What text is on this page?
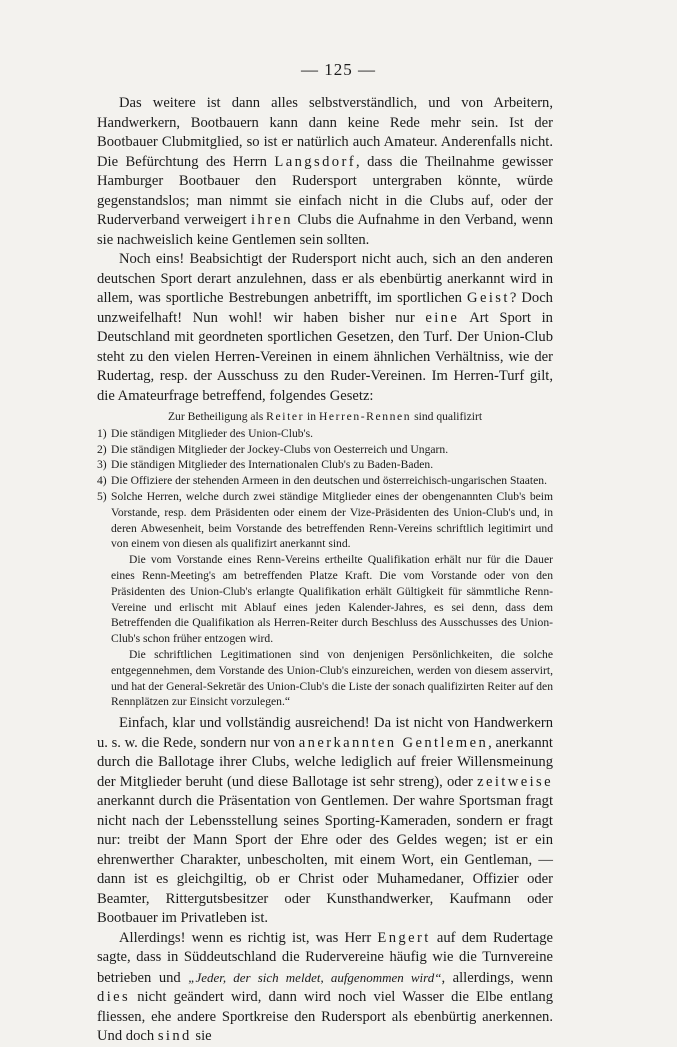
— 125 —

Das weitere ist dann alles selbstverständlich, und von Arbeitern, Handwerkern, Bootbauern kann dann keine Rede mehr sein. Ist der Bootbauer Clubmitglied, so ist er natürlich auch Amateur. Anderenfalls nicht. Die Befürchtung des Herrn Langsdorf, dass die Theilnahme gewisser Hamburger Bootbauer den Rudersport untergraben könnte, würde gegenstandslos; man nimmt sie einfach nicht in die Clubs auf, oder der Ruderverband verweigert ihren Clubs die Aufnahme in den Verband, wenn sie nachweislich keine Gentlemen sein sollten.

Noch eins! Beabsichtigt der Rudersport nicht auch, sich an den anderen deutschen Sport derart anzulehnen, dass er als ebenbürtig anerkannt wird in allem, was sportliche Bestrebungen anbetrifft, im sportlichen Geist? Doch unzweifelhaft! Nun wohl! wir haben bisher nur eine Art Sport in Deutschland mit geordneten sportlichen Gesetzen, den Turf. Der Union-Club steht zu den vielen Herren-Vereinen in einem ähnlichen Verhältniss, wie der Rudertag, resp. der Ausschuss zu den Ruder-Vereinen. Im Herren-Turf gilt, die Amateurfrage betreffend, folgendes Gesetz:

Zur Betheiligung als Reiter in Herren-Rennen sind qualifizirt
1) Die ständigen Mitglieder des Union-Club's.
2) Die ständigen Mitglieder der Jockey-Clubs von Oesterreich und Ungarn.
3) Die ständigen Mitglieder des Internationalen Club's zu Baden-Baden.
4) Die Offiziere der stehenden Armeen in den deutschen und österreichisch-ungarischen Staaten.
5) Solche Herren, welche durch zwei ständige Mitglieder eines der obengenannten Club's beim Vorstande, resp. dem Präsidenten oder einem der Vize-Präsidenten des Union-Club's und, in deren Abwesenheit, beim Vorstande des betreffenden Renn-Vereins schriftlich legitimirt und von einem von diesen als qualifizirt anerkannt sind.

Die vom Vorstande eines Renn-Vereins ertheilte Qualifikation erhält nur für die Dauer eines Renn-Meeting's am betreffenden Platze Kraft. Die vom Vorstande oder von den Präsidenten des Union-Club's erlangte Qualifikation erhält Gültigkeit für sämmtliche Renn-Vereine und erlischt mit Ablauf eines jeden Kalender-Jahres, es sei denn, dass dem Betreffenden die Qualifikation als Herren-Reiter durch Beschluss des Ausschusses des Union-Club's schon früher entzogen wird.

Die schriftlichen Legitimationen sind von denjenigen Persönlichkeiten, die solche entgegennehmen, dem Vorstande des Union-Club's einzureichen, werden von diesem asservirt, und hat der General-Sekretär des Union-Club's die Liste der sonach qualifizirten Reiter auf den Rennplätzen zur Einsicht vorzulegen.“

Einfach, klar und vollständig ausreichend! Da ist nicht von Handwerkern u. s. w. die Rede, sondern nur von anerkannten Gentlemen, anerkannt durch die Ballotage ihrer Clubs, welche lediglich auf freier Willensmeinung der Mitglieder beruht (und diese Ballotage ist sehr streng), oder zeitweise anerkannt durch die Präsentation von Gentlemen. Der wahre Sportsman fragt nicht nach der Lebensstellung seines Sporting-Kameraden, sondern er fragt nur: treibt der Mann Sport der Ehre oder des Geldes wegen; ist er ein ehrenwerther Charakter, unbescholten, mit einem Wort, ein Gentleman, — dann ist es gleichgiltig, ob er Christ oder Muhamedaner, Offizier oder Beamter, Rittergutsbesitzer oder Kunsthandwerker, Kaufmann oder Bootbauer im Privatleben ist.

Allerdings! wenn es richtig ist, was Herr Engert auf dem Rudertage sagte, dass in Süddeutschland die Rudervereine häufig wie die Turnvereine betrieben und „Jeder, der sich meldet, aufgenommen wird“, allerdings, wenn dies nicht geändert wird, dann wird noch viel Wasser die Elbe entlang fliessen, ehe andere Sportkreise den Rudersport als ebenbürtig anerkennen. Und doch sind sie
